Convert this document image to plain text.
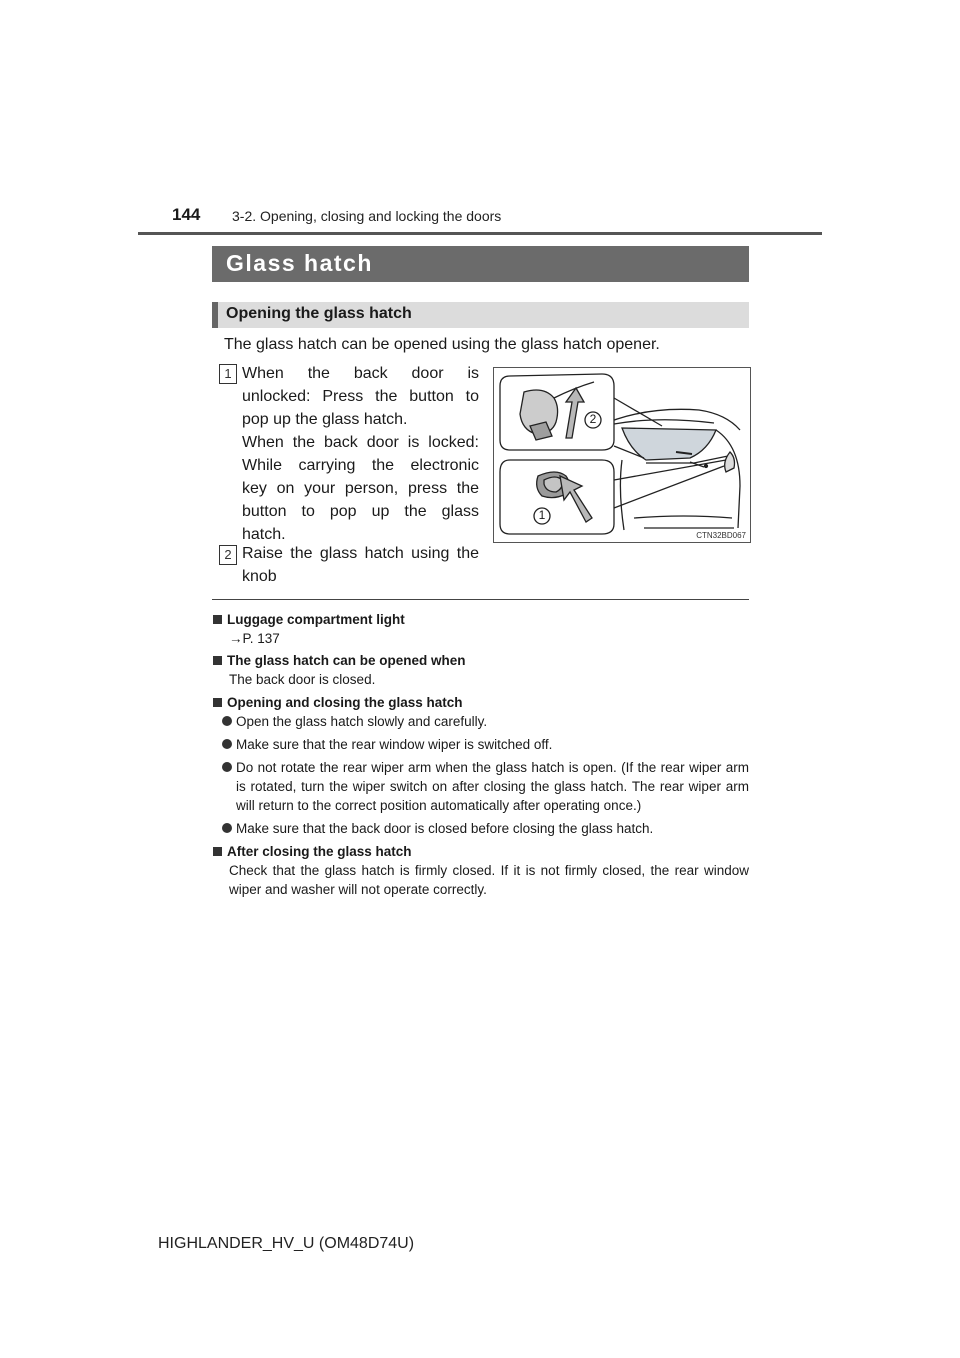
144 3-2. Opening, closing and locking the doors
Glass hatch
Opening the glass hatch
The glass hatch can be opened using the glass hatch opener.
1 When the back door is
unlocked: Press the button to
pop up the glass hatch.
When the back door is locked:
While carrying the electronic
key on your person, press the
button to pop up the glass
hatch.
2 Raise the glass hatch using the
knob
2
1
CTN32BD067
Luggage compartment light
→P. 137
The glass hatch can be opened when
The back door is closed.
Opening and closing the glass hatch
Open the glass hatch slowly and carefully.
Make sure that the rear window wiper is switched off.
Do not rotate the rear wiper arm when the glass hatch is open. (If the rear wiper arm is rotated, turn the wiper switch on after closing the glass hatch. The rear wiper arm will return to the correct position automatically after operating once.)
Make sure that the back door is closed before closing the glass hatch.
After closing the glass hatch
Check that the glass hatch is firmly closed. If it is not firmly closed, the rear window wiper and washer will not operate correctly.
HIGHLANDER_HV_U (OM48D74U)
